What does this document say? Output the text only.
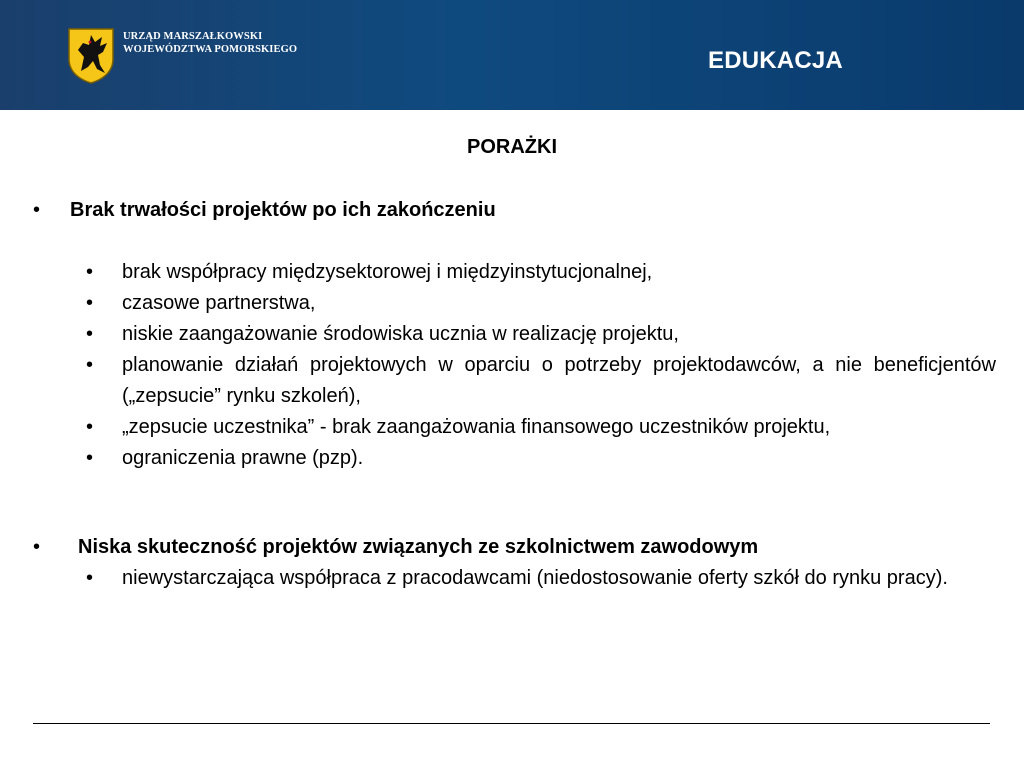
URZĄD MARSZAŁKOWSKI
WOJEWÓDZTWA POMORSKIEGO	EDUKACJA
PORAŻKI
• Brak trwałości projektów po ich zakończeniu
• brak współpracy międzysektorowej i międzyinstytucjonalnej,
• czasowe partnerstwa,
• niskie zaangażowanie środowiska ucznia w realizację projektu,
• planowanie działań projektowych w oparciu o potrzeby projektodawców, a nie beneficjentów („zepsucie” rynku szkoleń),
• „zepsucie uczestnika” - brak zaangażowania finansowego uczestników projektu,
• ograniczenia prawne (pzp).
• Niska skuteczność projektów związanych ze szkolnictwem zawodowym
• niewystarczająca współpraca z pracodawcami (niedostosowanie oferty szkół do rynku pracy).
